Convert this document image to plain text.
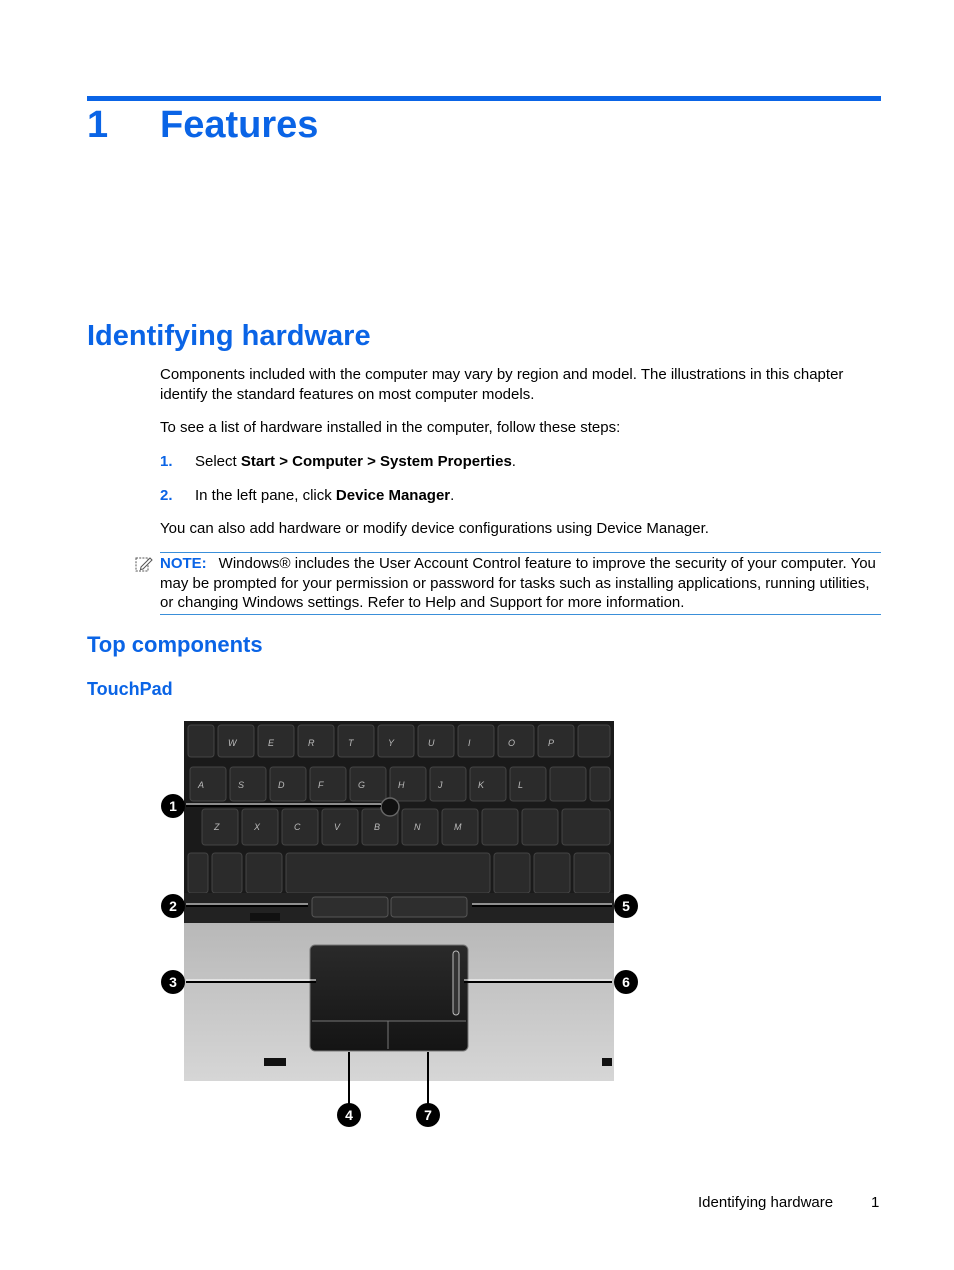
1 Features
Identifying hardware

Components included with the computer may vary by region and model. The illustrations in this chapter identify the standard features on most computer models.

To see a list of hardware installed in the computer, follow these steps:

1. Select Start > Computer > System Properties.
2. In the left pane, click Device Manager.

You can also add hardware or modify device configurations using Device Manager.

NOTE: Windows® includes the User Account Control feature to improve the security of your computer. You may be prompted for your permission or password for tasks such as installing applications, running utilities, or changing Windows settings. Refer to Help and Support for more information.
Top components
TouchPad
W	E	R	T	Y	U	I	O	P
A	S	D	F	G	H	J	K	L
Z	X	C	V	B	N	M
1
2
3
4
5
6
7
Identifying hardware	1
